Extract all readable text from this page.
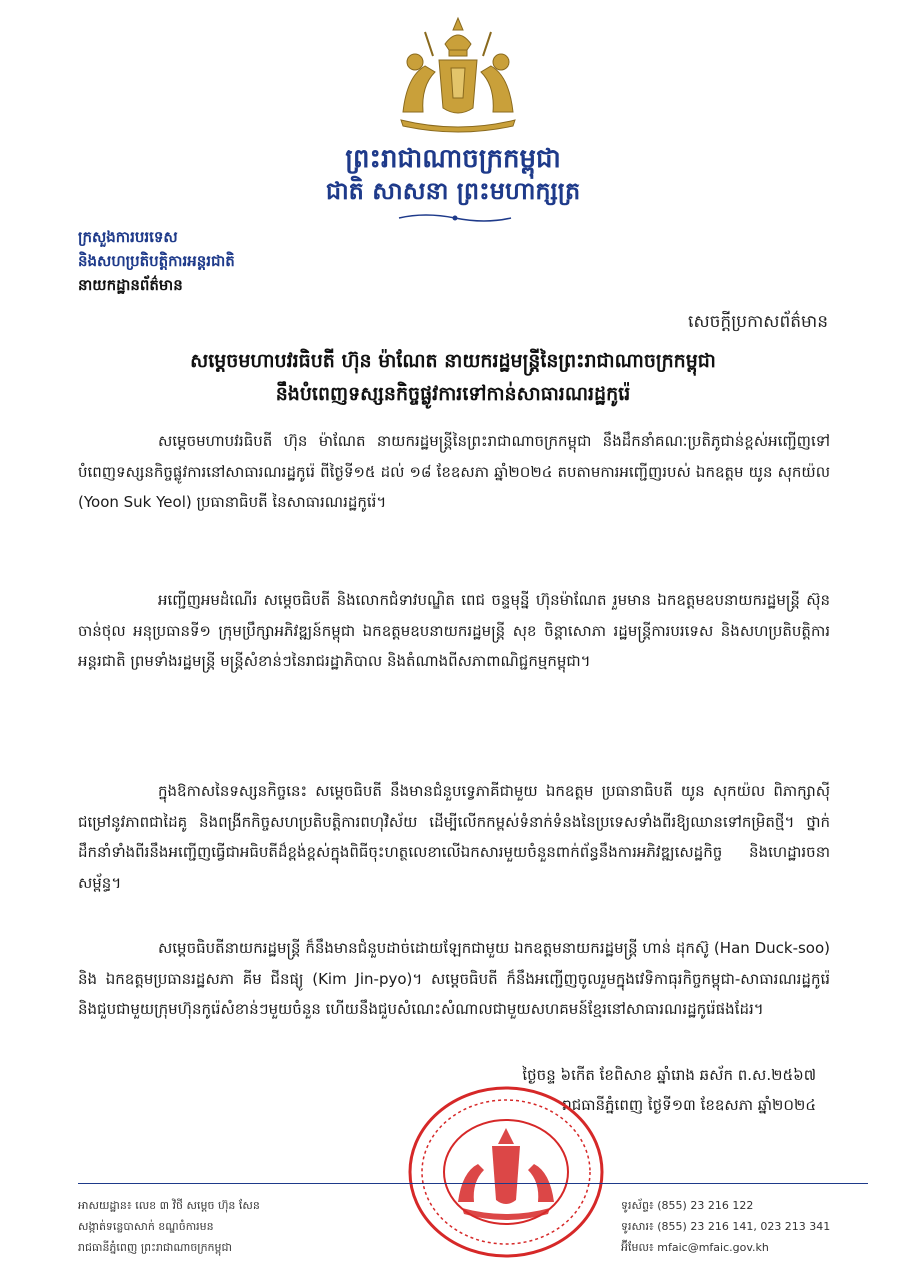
ព្រះរាជាណាចក្រកម្ពុជា
ជាតិ សាសនា ព្រះមហាក្សត្រ
ក្រសួងការបរទេស
និងសហប្រតិបត្តិការអន្តរជាតិ
នាយកដ្ឋានព័ត៌មាន
សេចក្តីប្រកាសព័ត៌មាន
សម្តេចមហាបវរធិបតី ហ៊ុន ម៉ាណែត នាយករដ្ឋមន្ត្រីនៃព្រះរាជាណាចក្រកម្ពុជា
នឹងបំពេញទស្សនកិច្ចផ្លូវការទៅកាន់សាធារណរដ្ឋកូរ៉េ
សម្តេចមហាបវរធិបតី ហ៊ុន ម៉ាណែត នាយករដ្ឋមន្ត្រីនៃព្រះរាជាណាចក្រកម្ពុជា នឹងដឹកនាំគណៈប្រតិភូជាន់ខ្ពស់អញ្ជើញទៅបំពេញទស្សនកិច្ចផ្លូវការនៅសាធារណរដ្ឋកូរ៉េ ពីថ្ងៃទី១៥ ដល់ ១៨ ខែឧសភា ឆ្នាំ២០២៤ តបតាមការអញ្ជើញរបស់ ឯកឧត្តម យូន សុកយ៉ល (Yoon Suk Yeol) ប្រធានាធិបតី នៃសាធារណរដ្ឋកូរ៉េ។
អញ្ជើញអមដំណើរ សម្តេចធិបតី និងលោកជំទាវបណ្ឌិត ពេជ ចន្ទមុន្នី ហ៊ុនម៉ាណែត រួមមាន ឯកឧត្តមឧបនាយករដ្ឋមន្ត្រី ស៊ុន ចាន់ថុល អនុប្រធានទី១ ក្រុមប្រឹក្សាអភិវឌ្ឍន៍កម្ពុជា ឯកឧត្តមឧបនាយករដ្ឋមន្ត្រី សុខ ចិន្តាសោភា រដ្ឋមន្ត្រីការបរទេស និងសហប្រតិបត្តិការអន្តរជាតិ ព្រមទាំងរដ្ឋមន្ត្រី មន្ត្រីសំខាន់ៗនៃរាជរដ្ឋាភិបាល និងតំណាងពីសភាពាណិជ្ជកម្មកម្ពុជា។
ក្នុងឱកាសនៃទស្សនកិច្ចនេះ សម្តេចធិបតី នឹងមានជំនួបទ្វេភាគីជាមួយ ឯកឧត្តម ប្រធានាធិបតី យូន សុកយ៉ល ពិភាក្សាស៊ីជម្រៅនូវភាពជាដៃគូ និងពង្រីកកិច្ចសហប្រតិបត្តិការពហុវិស័យ ដើម្បីលើកកម្ពស់ទំនាក់ទំនងនៃប្រទេសទាំងពីរឱ្យឈានទៅកម្រិតថ្មី។ ថ្នាក់ដឹកនាំទាំងពីរនឹងអញ្ជើញធ្វើជាអធិបតីដ៏ខ្ពង់ខ្ពស់ក្នុងពិធីចុះហត្ថលេខាលើឯកសារមួយចំនួនពាក់ព័ន្ធនឹងការអភិវឌ្ឍសេដ្ឋកិច្ច និងហេដ្ឋារចនាសម្ព័ន្ធ។
សម្តេចធិបតីនាយករដ្ឋមន្ត្រី ក៏នឹងមានជំនួបដាច់ដោយឡែកជាមួយ ឯកឧត្តមនាយករដ្ឋមន្ត្រី ហាន់ ដុកស៊ូ (Han Duck-soo) និង ឯកឧត្តមប្រធានរដ្ឋសភា គីម ជីនផ្យូ (Kim Jin-pyo)។ សម្តេចធិបតី ក៏នឹងអញ្ជើញចូលរួមក្នុងវេទិកាធុរកិច្ចកម្ពុជា-សាធារណរដ្ឋកូរ៉េ និងជួបជាមួយក្រុមហ៊ុនកូរ៉េសំខាន់ៗមួយចំនួន ហើយនឹងជួបសំណេះសំណាលជាមួយសហគមន៍ខ្មែរនៅសាធារណរដ្ឋកូរ៉េផងដែរ។
ថ្ងៃចន្ទ ៦កើត ខែពិសាខ ឆ្នាំរោង ឆស័ក ព.ស.២៥៦៧
រាជធានីភ្នំពេញ ថ្ងៃទី១៣ ខែឧសភា ឆ្នាំ២០២៤
អាសយដ្ឋាន៖ លេខ ៣ វិថី សម្តេច ហ៊ុន សែន
សង្កាត់ទន្លេបាសាក់ ខណ្ឌចំការមន
រាជធានីភ្នំពេញ ព្រះរាជាណាចក្រកម្ពុជា
ទូរស័ព្ទ៖ (855) 23 216 122
ទូរសារ៖ (855) 23 216 141, 023 213 341
អ៊ីមែល៖ mfaic@mfaic.gov.kh
